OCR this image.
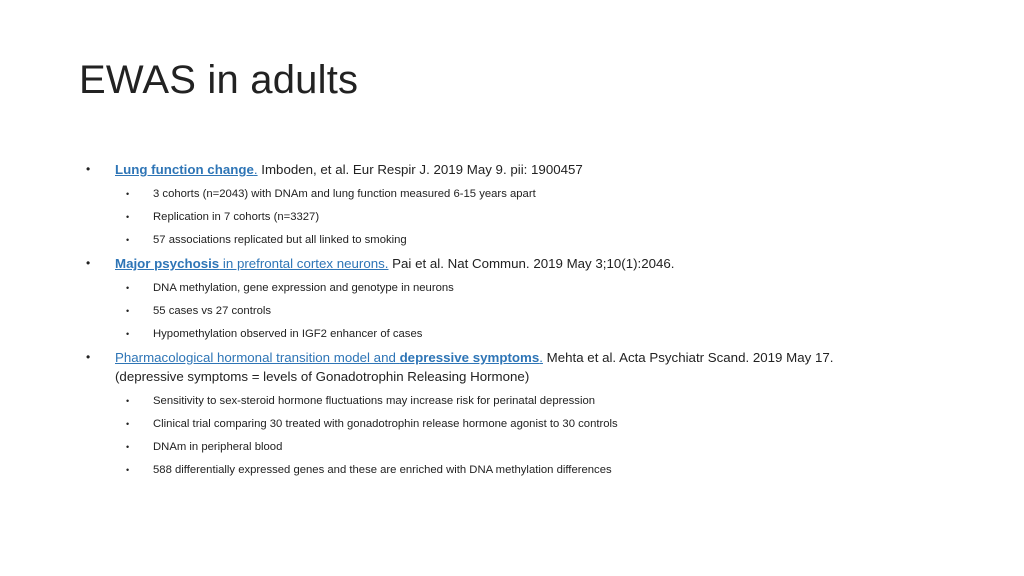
EWAS in adults
• Lung function change. Imboden, et al. Eur Respir J. 2019 May 9. pii: 1900457
• 3 cohorts (n=2043) with DNAm and lung function measured 6-15 years apart
• Replication in 7 cohorts (n=3327)
• 57 associations replicated but all linked to smoking
• Major psychosis in prefrontal cortex neurons. Pai et al. Nat Commun. 2019 May 3;10(1):2046.
• DNA methylation, gene expression and genotype in neurons
• 55 cases vs 27 controls
• Hypomethylation observed in IGF2 enhancer of cases
• Pharmacological hormonal transition model and depressive symptoms. Mehta et al. Acta Psychiatr Scand. 2019 May 17.
(depressive symptoms = levels of Gonadotrophin Releasing Hormone)
• Sensitivity to sex-steroid hormone fluctuations may increase risk for perinatal depression
• Clinical trial comparing 30 treated with gonadotrophin release hormone agonist to 30 controls
• DNAm in peripheral blood
• 588 differentially expressed genes and these are enriched with DNA methylation differences
